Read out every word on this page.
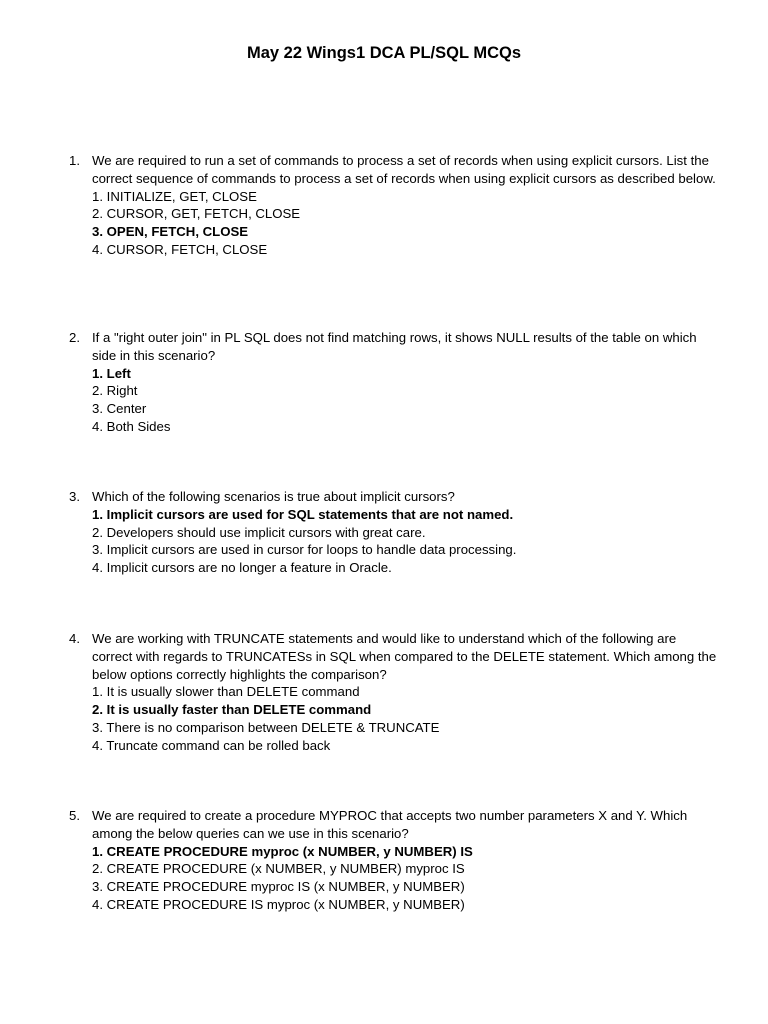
May 22 Wings1 DCA PL/SQL MCQs
1. We are required to run a set of commands to process a set of records when using explicit cursors. List the correct sequence of commands to process a set of records when using explicit cursors as described below.
1. INITIALIZE, GET, CLOSE
2. CURSOR, GET, FETCH, CLOSE
3. OPEN, FETCH, CLOSE
4. CURSOR, FETCH, CLOSE
2. If a "right outer join" in PL SQL does not find matching rows, it shows NULL results of the table on which side in this scenario?
1. Left
2. Right
3. Center
4. Both Sides
3. Which of the following scenarios is true about implicit cursors?
1. Implicit cursors are used for SQL statements that are not named.
2. Developers should use implicit cursors with great care.
3. Implicit cursors are used in cursor for loops to handle data processing.
4. Implicit cursors are no longer a feature in Oracle.
4. We are working with TRUNCATE statements and would like to understand which of the following are correct with regards to TRUNCATESs in SQL when compared to the DELETE statement. Which among the below options correctly highlights the comparison?
1. It is usually slower than DELETE command
2. It is usually faster than DELETE command
3. There is no comparison between DELETE & TRUNCATE
4. Truncate command can be rolled back
5. We are required to create a procedure MYPROC that accepts two number parameters X and Y. Which among the below queries can we use in this scenario?
1. CREATE PROCEDURE myproc (x NUMBER, y NUMBER) IS
2. CREATE PROCEDURE (x NUMBER, y NUMBER) myproc IS
3. CREATE PROCEDURE myproc IS (x NUMBER, y NUMBER)
4. CREATE PROCEDURE IS myproc (x NUMBER, y NUMBER)
